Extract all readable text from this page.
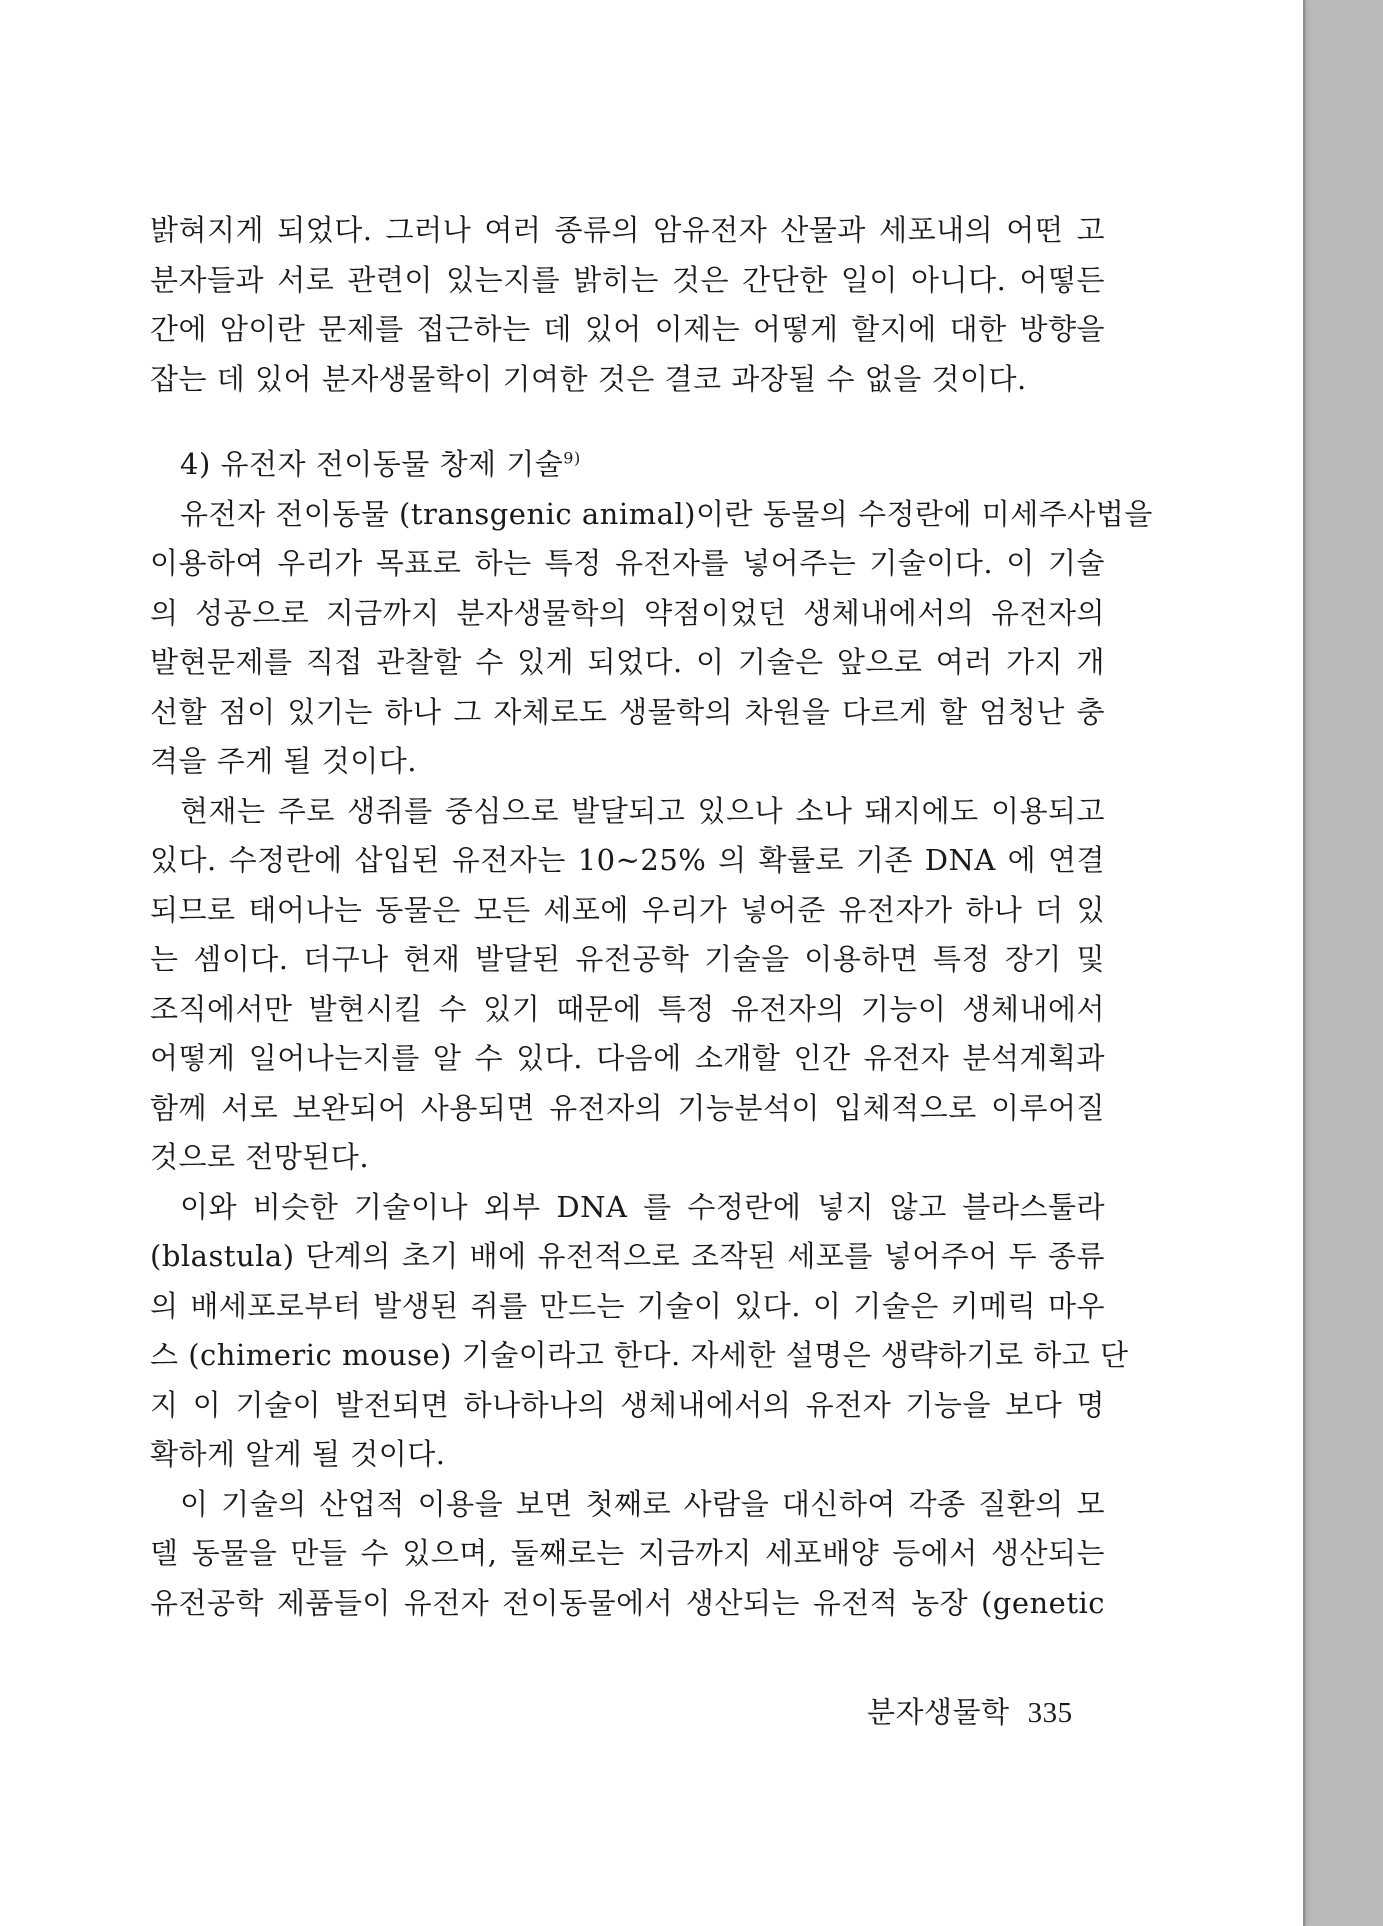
밝혀지게 되었다. 그러나 여러 종류의 암유전자 산물과 세포내의 어떤 고
분자들과 서로 관련이 있는지를 밝히는 것은 간단한 일이 아니다. 어떻든
간에 암이란 문제를 접근하는 데 있어 이제는 어떻게 할지에 대한 방향을
잡는 데 있어 분자생물학이 기여한 것은 결코 과장될 수 없을 것이다.

4) 유전자 전이동물 창제 기술$^{9)}$

유전자 전이동물 (transgenic animal)이란 동물의 수정란에 미세주사법을
이용하여 우리가 목표로 하는 특정 유전자를 넣어주는 기술이다. 이 기술
의 성공으로 지금까지 분자생물학의 약점이었던 생체내에서의 유전자의
발현문제를 직접 관찰할 수 있게 되었다. 이 기술은 앞으로 여러 가지 개
선할 점이 있기는 하나 그 자체로도 생물학의 차원을 다르게 할 엄청난 충
격을 주게 될 것이다.
현재는 주로 생쥐를 중심으로 발달되고 있으나 소나 돼지에도 이용되고
있다. 수정란에 삽입된 유전자는 10~25% 의 확률로 기존 DNA 에 연결
되므로 태어나는 동물은 모든 세포에 우리가 넣어준 유전자가 하나 더 있
는 셈이다. 더구나 현재 발달된 유전공학 기술을 이용하면 특정 장기 및
조직에서만 발현시킬 수 있기 때문에 특정 유전자의 기능이 생체내에서
어떻게 일어나는지를 알 수 있다. 다음에 소개할 인간 유전자 분석계획과
함께 서로 보완되어 사용되면 유전자의 기능분석이 입체적으로 이루어질
것으로 전망된다.
이와 비슷한 기술이나 외부 DNA 를 수정란에 넣지 않고 블라스툴라
(blastula) 단계의 초기 배에 유전적으로 조작된 세포를 넣어주어 두 종류
의 배세포로부터 발생된 쥐를 만드는 기술이 있다. 이 기술은 키메릭 마우
스 (chimeric mouse) 기술이라고 한다. 자세한 설명은 생략하기로 하고 단
지 이 기술이 발전되면 하나하나의 생체내에서의 유전자 기능을 보다 명
확하게 알게 될 것이다.
이 기술의 산업적 이용을 보면 첫째로 사람을 대신하여 각종 질환의 모
델 동물을 만들 수 있으며, 둘째로는 지금까지 세포배양 등에서 생산되는
유전공학 제품들이 유전자 전이동물에서 생산되는 유전적 농장 (genetic
분자생물학 335
